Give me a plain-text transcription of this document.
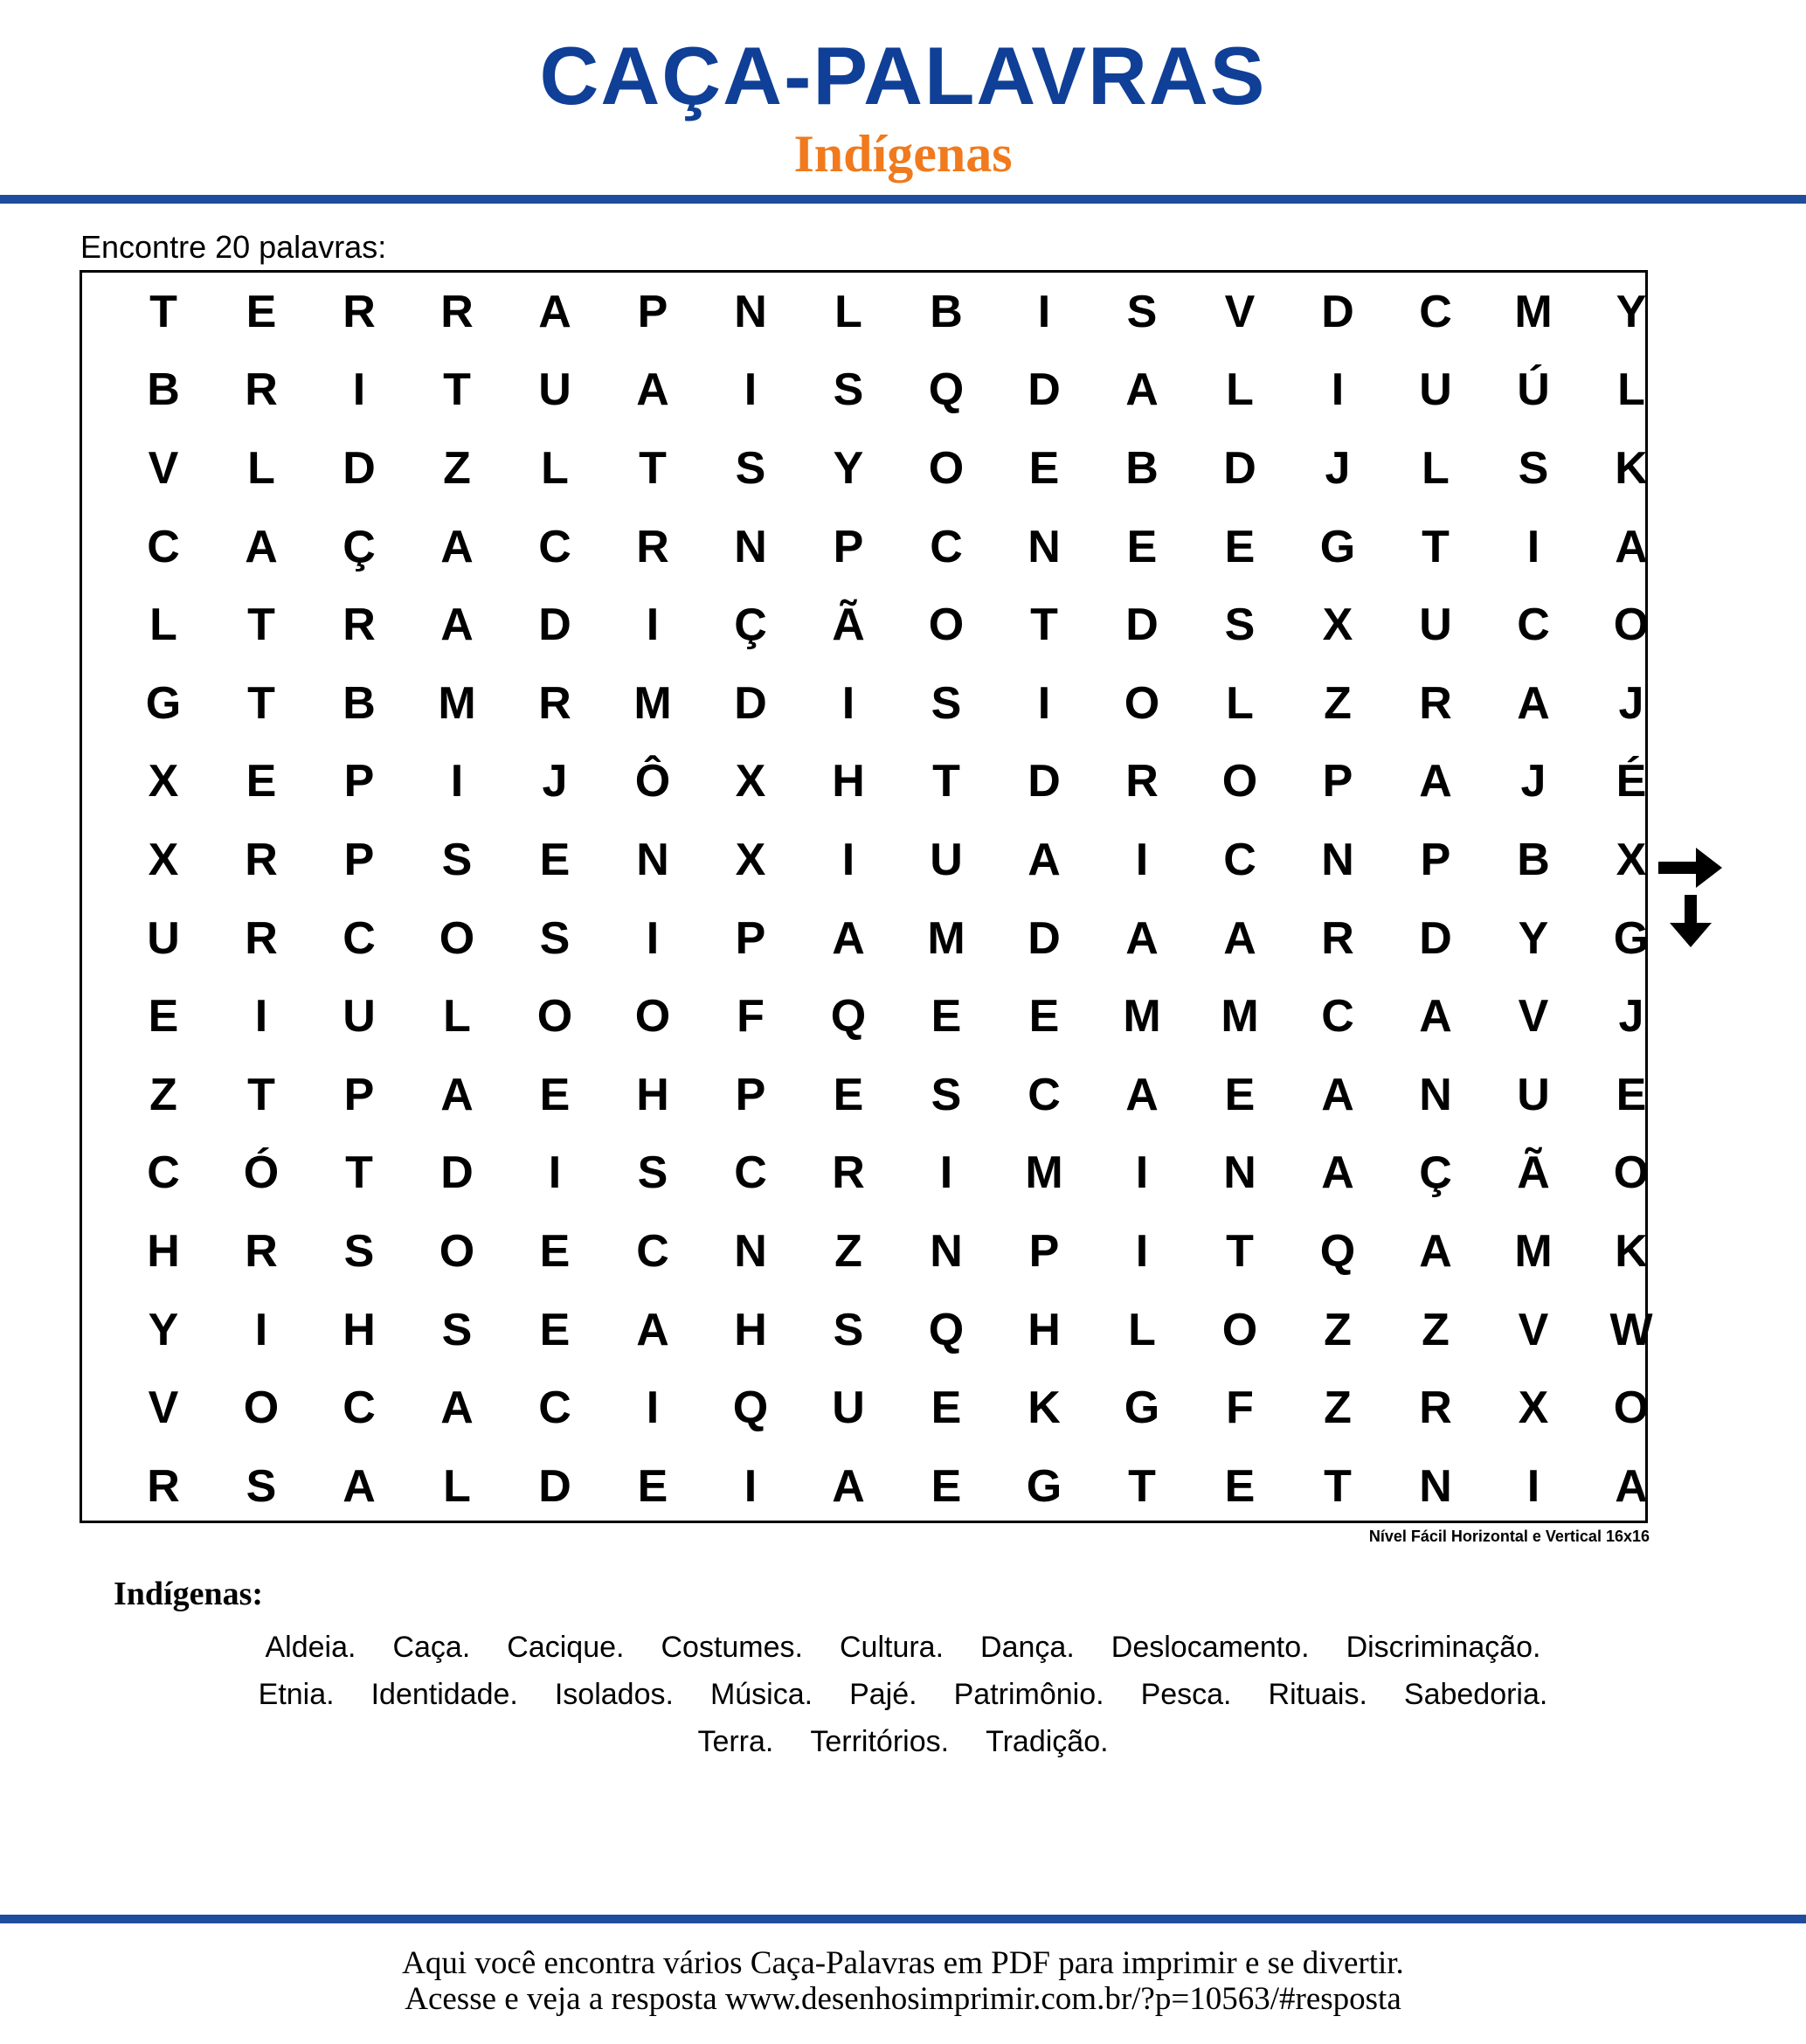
CAÇA-PALAVRAS
Indígenas
Encontre 20 palavras:
T	E	R	R	A	P	N	L	B	I	S	V	D	C	M	Y
B	R	I	T	U	A	I	S	Q	D	A	L	I	U	Ú	L
V	L	D	Z	L	T	S	Y	O	E	B	D	J	L	S	K
C	A	Ç	A	C	R	N	P	C	N	E	E	G	T	I	A
L	T	R	A	D	I	Ç	Ã	O	T	D	S	X	U	C	O
G	T	B	M	R	M	D	I	S	I	O	L	Z	R	A	J
X	E	P	I	J	Ô	X	H	T	D	R	O	P	A	J	É
X	R	P	S	E	N	X	I	U	A	I	C	N	P	B	X
U	R	C	O	S	I	P	A	M	D	A	A	R	D	Y	G
E	I	U	L	O	O	F	Q	E	E	M	M	C	A	V	J
Z	T	P	A	E	H	P	E	S	C	A	E	A	N	U	E
C	Ó	T	D	I	S	C	R	I	M	I	N	A	Ç	Ã	O
H	R	S	O	E	C	N	Z	N	P	I	T	Q	A	M	K
Y	I	H	S	E	A	H	S	Q	H	L	O	Z	Z	V	W
V	O	C	A	C	I	Q	U	E	K	G	F	Z	R	X	O
R	S	A	L	D	E	I	A	E	G	T	E	T	N	I	A
Nível Fácil Horizontal e Vertical 16x16
Indígenas:
Aldeia. Caça. Cacique. Costumes. Cultura. Dança. Deslocamento. Discriminação.
Etnia. Identidade. Isolados. Música. Pajé. Patrimônio. Pesca. Rituais. Sabedoria.
Terra. Territórios. Tradição.
Aqui você encontra vários Caça-Palavras em PDF para imprimir e se divertir.
Acesse e veja a resposta www.desenhosimprimir.com.br/?p=10563/#resposta
